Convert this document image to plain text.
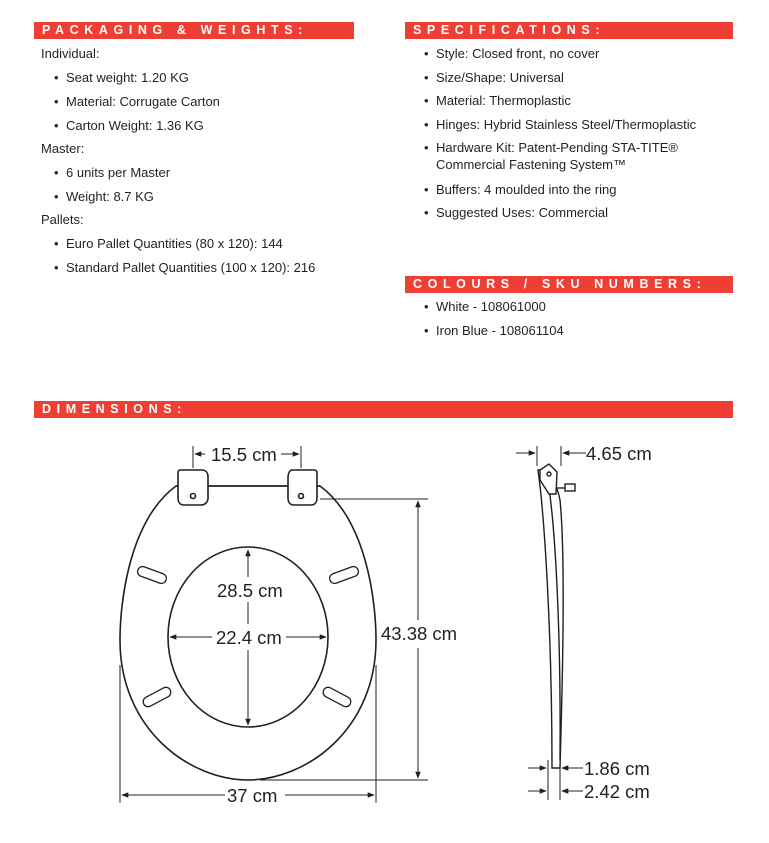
PACKAGING & WEIGHTS:
Individual:
• Seat weight: 1.20 KG
• Material: Corrugate Carton
• Carton Weight: 1.36 KG
Master:
• 6 units per Master
• Weight: 8.7 KG
Pallets:
• Euro Pallet Quantities (80 x 120): 144
• Standard Pallet Quantities (100 x 120): 216
SPECIFICATIONS:
• Style: Closed front, no cover
• Size/Shape: Universal
• Material: Thermoplastic
• Hinges: Hybrid Stainless Steel/Thermoplastic
• Hardware Kit: Patent-Pending STA-TITE®
Commercial Fastening System™
• Buffers: 4 moulded into the ring
• Suggested Uses: Commercial
COLOURS / SKU NUMBERS:
• White - 108061000
• Iron Blue - 108061104
DIMENSIONS:
15.5 cm
28.5 cm
22.4 cm	43.38 cm
37 cm
4.65 cm
1.86 cm
2.42 cm
